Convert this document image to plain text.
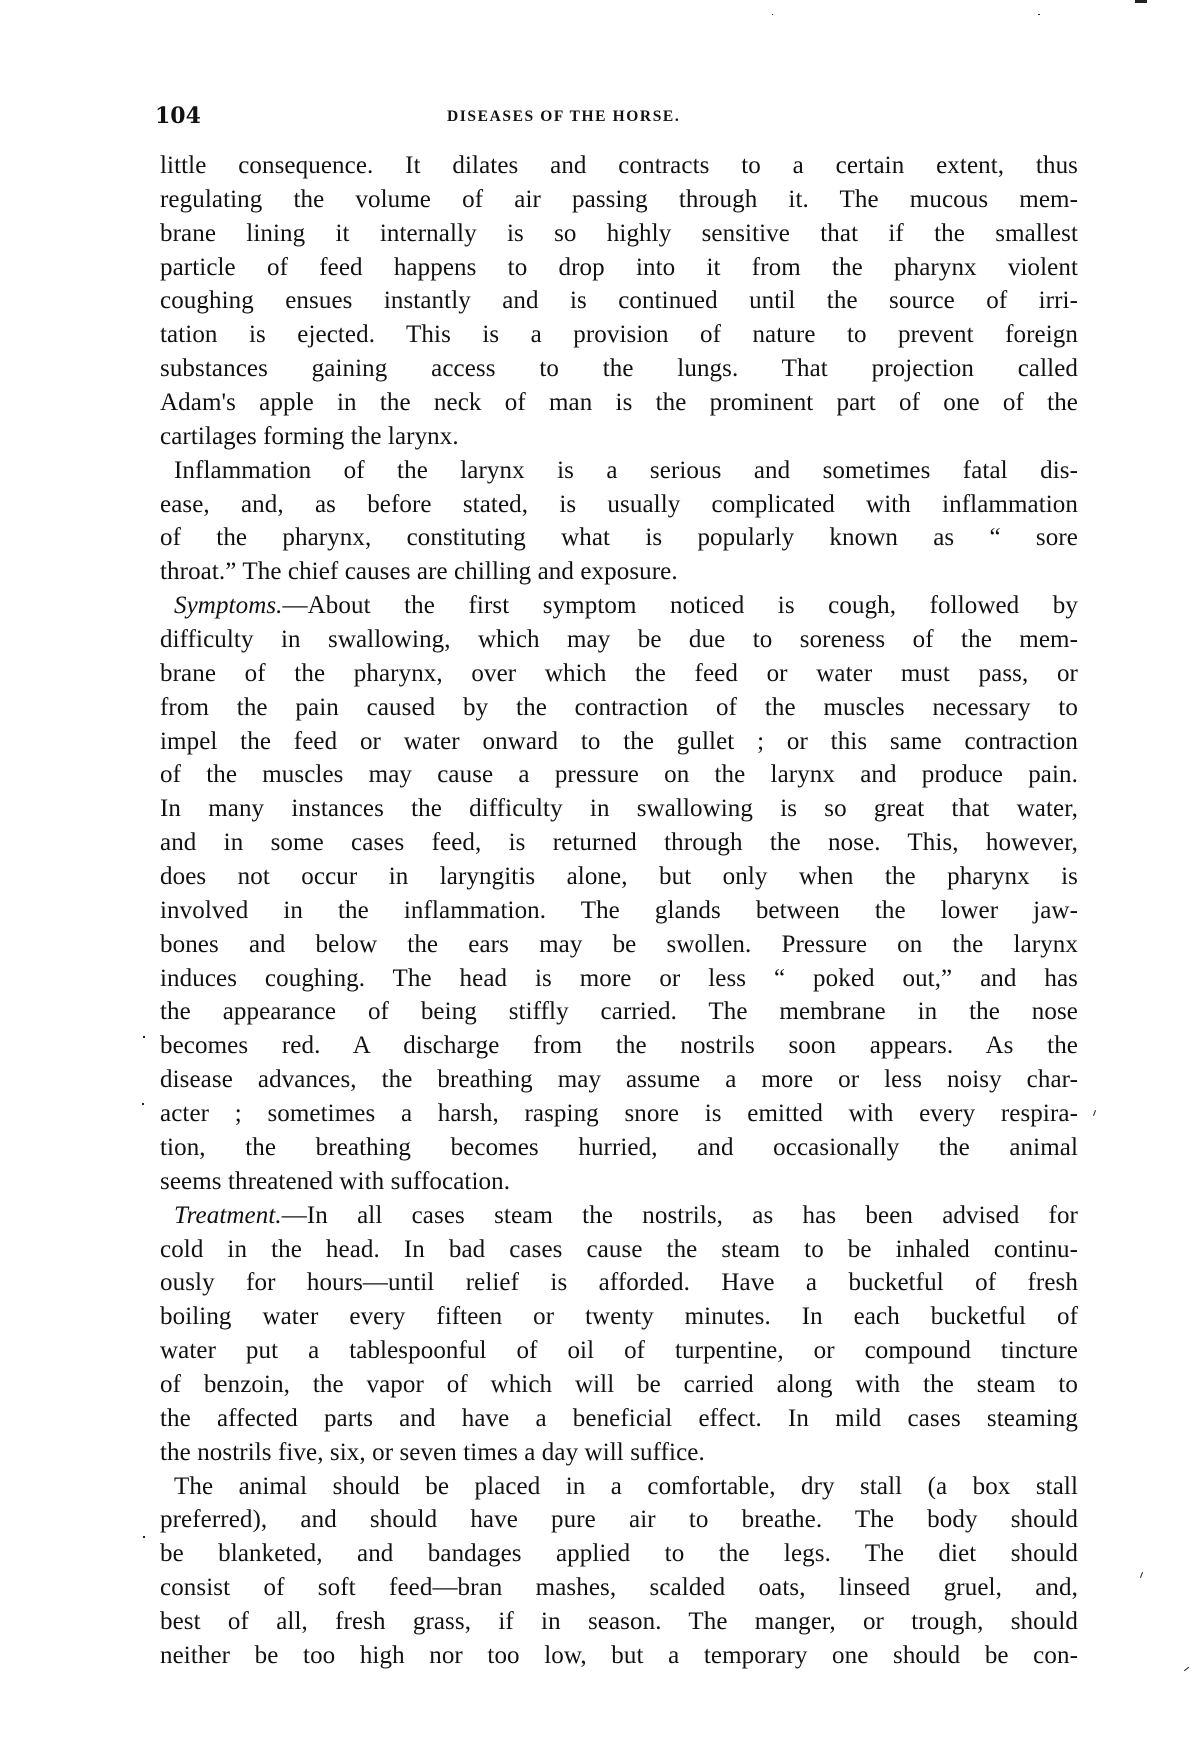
104	DISEASES OF THE HORSE.
little consequence. It dilates and contracts to a certain extent, thus
regulating the volume of air passing through it. The mucous mem-
brane lining it internally is so highly sensitive that if the smallest
particle of feed happens to drop into it from the pharynx violent
coughing ensues instantly and is continued until the source of irri-
tation is ejected. This is a provision of nature to prevent foreign
substances gaining access to the lungs. That projection called
Adam's apple in the neck of man is the prominent part of one of the
cartilages forming the larynx.
Inflammation of the larynx is a serious and sometimes fatal dis-
ease, and, as before stated, is usually complicated with inflammation
of the pharynx, constituting what is popularly known as “ sore
throat.” The chief causes are chilling and exposure.
Symptoms.—About the first symptom noticed is cough, followed by
difficulty in swallowing, which may be due to soreness of the mem-
brane of the pharynx, over which the feed or water must pass, or
from the pain caused by the contraction of the muscles necessary to
impel the feed or water onward to the gullet ; or this same contraction
of the muscles may cause a pressure on the larynx and produce pain.
In many instances the difficulty in swallowing is so great that water,
and in some cases feed, is returned through the nose. This, however,
does not occur in laryngitis alone, but only when the pharynx is
involved in the inflammation. The glands between the lower jaw-
bones and below the ears may be swollen. Pressure on the larynx
induces coughing. The head is more or less “ poked out,” and has
the appearance of being stiffly carried. The membrane in the nose
becomes red. A discharge from the nostrils soon appears. As the
disease advances, the breathing may assume a more or less noisy char-
acter ; sometimes a harsh, rasping snore is emitted with every respira-
tion, the breathing becomes hurried, and occasionally the animal
seems threatened with suffocation.
Treatment.—In all cases steam the nostrils, as has been advised for
cold in the head. In bad cases cause the steam to be inhaled continu-
ously for hours—until relief is afforded. Have a bucketful of fresh
boiling water every fifteen or twenty minutes. In each bucketful of
water put a tablespoonful of oil of turpentine, or compound tincture
of benzoin, the vapor of which will be carried along with the steam to
the affected parts and have a beneficial effect. In mild cases steaming
the nostrils five, six, or seven times a day will suffice.
The animal should be placed in a comfortable, dry stall (a box stall
preferred), and should have pure air to breathe. The body should
be blanketed, and bandages applied to the legs. The diet should
consist of soft feed—bran mashes, scalded oats, linseed gruel, and,
best of all, fresh grass, if in season. The manger, or trough, should
neither be too high nor too low, but a temporary one should be con-
